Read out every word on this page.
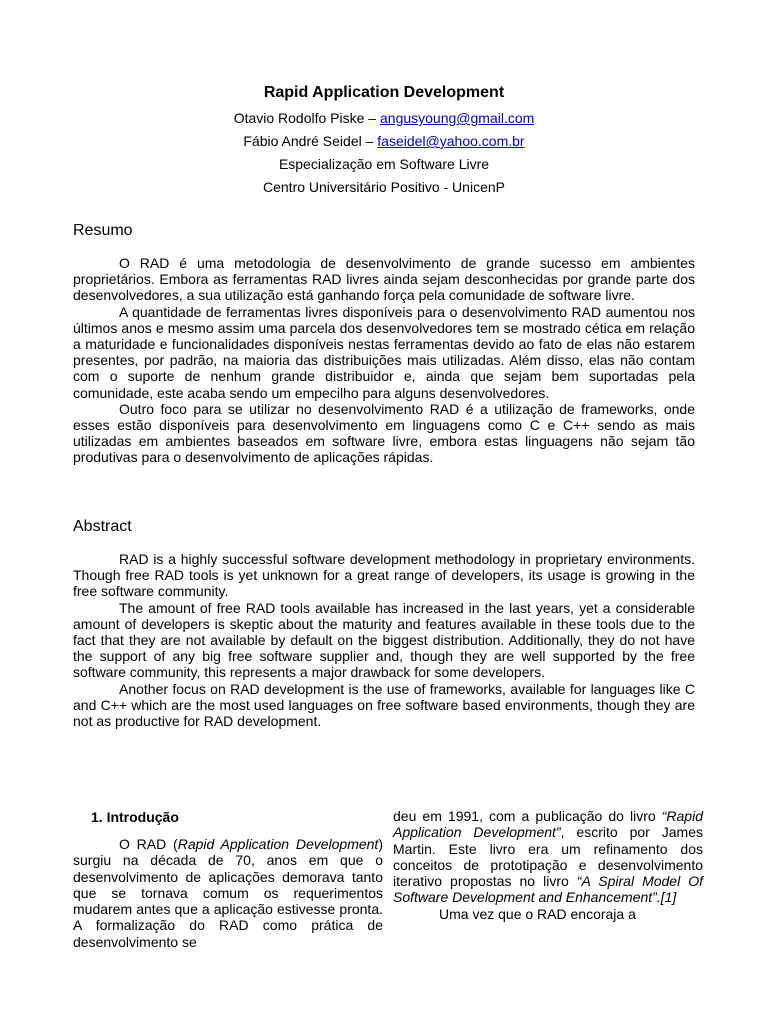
Rapid Application Development
Otavio Rodolfo Piske – angusyoung@gmail.com
Fábio André Seidel – faseidel@yahoo.com.br
Especialização em Software Livre
Centro Universitário Positivo - UnicenP
Resumo

O RAD é uma metodologia de desenvolvimento de grande sucesso em ambientes proprietários. Embora as ferramentas RAD livres ainda sejam desconhecidas por grande parte dos desenvolvedores, a sua utilização está ganhando força pela comunidade de software livre.

A quantidade de ferramentas livres disponíveis para o desenvolvimento RAD aumentou nos últimos anos e mesmo assim uma parcela dos desenvolvedores tem se mostrado cética em relação a maturidade e funcionalidades disponíveis nestas ferramentas devido ao fato de elas não estarem presentes, por padrão, na maioria das distribuições mais utilizadas. Além disso, elas não contam com o suporte de nenhum grande distribuidor e, ainda que sejam bem suportadas pela comunidade, este acaba sendo um empecilho para alguns desenvolvedores.

Outro foco para se utilizar no desenvolvimento RAD é a utilização de frameworks, onde esses estão disponíveis para desenvolvimento em linguagens como C e C++ sendo as mais utilizadas em ambientes baseados em software livre, embora estas linguagens não sejam tão produtivas para o desenvolvimento de aplicações rápidas.

Abstract

RAD is a highly successful software development methodology in proprietary environments. Though free RAD tools is yet unknown for a great range of developers, its usage is growing in the free software community.

The amount of free RAD tools available has increased in the last years, yet a considerable amount of developers is skeptic about the maturity and features available in these tools due to the fact that they are not available by default on the biggest distribution. Additionally, they do not have the support of any big free software supplier and, though they are well supported by the free software community, this represents a major drawback for some developers.

Another focus on RAD development is the use of frameworks, available for languages like C and C++ which are the most used languages on free software based environments, though they are not as productive for RAD development.

1. Introdução

O RAD (Rapid Application Development) surgiu na década de 70, anos em que o desenvolvimento de aplicações demorava tanto que se tornava comum os requerimentos mudarem antes que a aplicação estivesse pronta. A formalização do RAD como prática de desenvolvimento se

deu em 1991, com a publicação do livro “Rapid Application Development”, escrito por James Martin. Este livro era um refinamento dos conceitos de prototipação e desenvolvimento iterativo propostas no livro “A Spiral Model Of Software Development and Enhancement”.[1]

Uma vez que o RAD encoraja a
